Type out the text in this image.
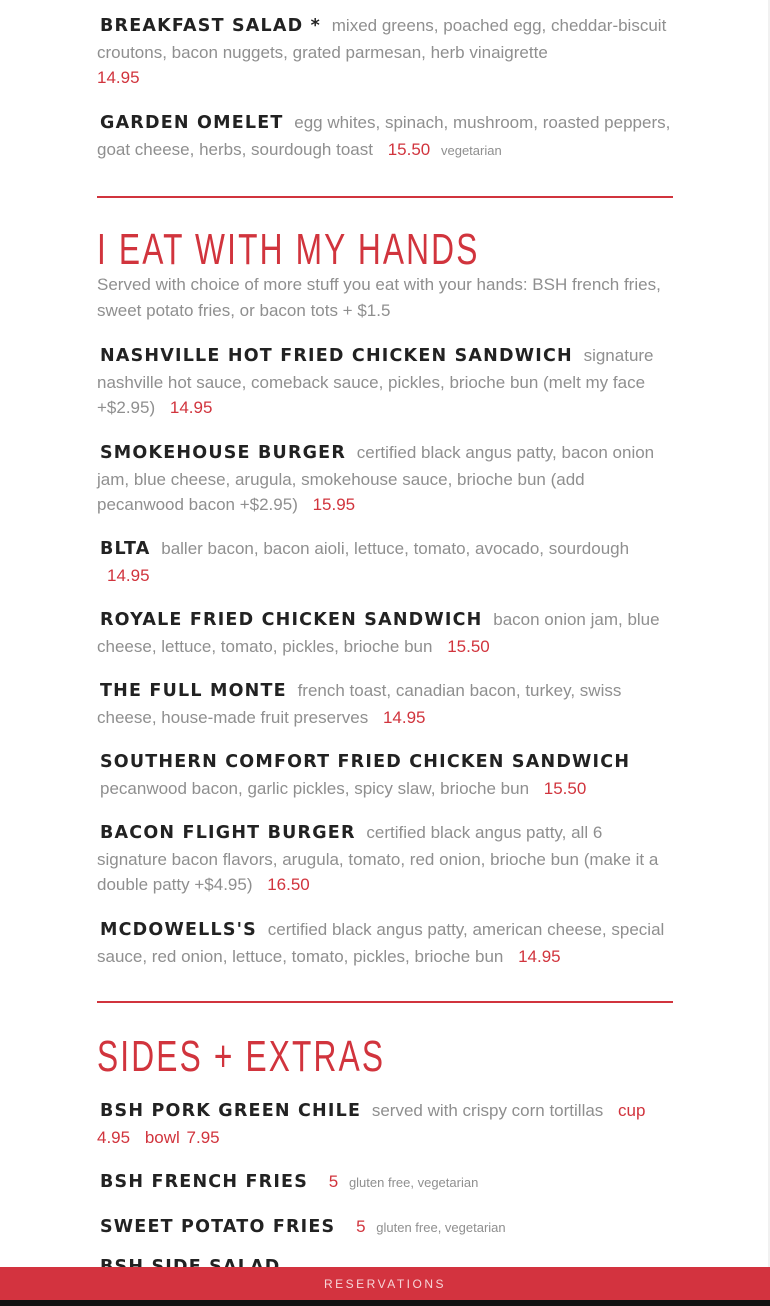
BREAKFAST SALAD * mixed greens, poached egg, cheddar-biscuit croutons, bacon nuggets, grated parmesan, herb vinaigrette
14.95

GARDEN OMELET egg whites, spinach, mushroom, roasted peppers, goat cheese, herbs, sourdough toast 15.50 vegetarian

I EAT WITH MY HANDS

Served with choice of more stuff you eat with your hands: BSH french fries, sweet potato fries, or bacon tots + $1.5

NASHVILLE HOT FRIED CHICKEN SANDWICH signature nashville hot sauce, comeback sauce, pickles, brioche bun (melt my face +$2.95) 14.95

SMOKEHOUSE BURGER certified black angus patty, bacon onion jam, blue cheese, arugula, smokehouse sauce, brioche bun (add pecanwood bacon +$2.95) 15.95

BLTA baller bacon, bacon aioli, lettuce, tomato, avocado, sourdough 14.95

ROYALE FRIED CHICKEN SANDWICH bacon onion jam, blue cheese, lettuce, tomato, pickles, brioche bun 15.50

THE FULL MONTE french toast, canadian bacon, turkey, swiss cheese, house-made fruit preserves 14.95

SOUTHERN COMFORT FRIED CHICKEN SANDWICH
pecanwood bacon, garlic pickles, spicy slaw, brioche bun 15.50

BACON FLIGHT BURGER certified black angus patty, all 6 signature bacon flavors, arugula, tomato, red onion, brioche bun (make it a double patty +$4.95) 16.50

MCDOWELLS'S certified black angus patty, american cheese, special sauce, red onion, lettuce, tomato, pickles, brioche bun 14.95

SIDES + EXTRAS

BSH PORK GREEN CHILE served with crispy corn tortillas cup
4.95 bowl 7.95

BSH FRENCH FRIES 5 gluten free, vegetarian

SWEET POTATO FRIES 5 gluten free, vegetarian

RESERVATIONS
